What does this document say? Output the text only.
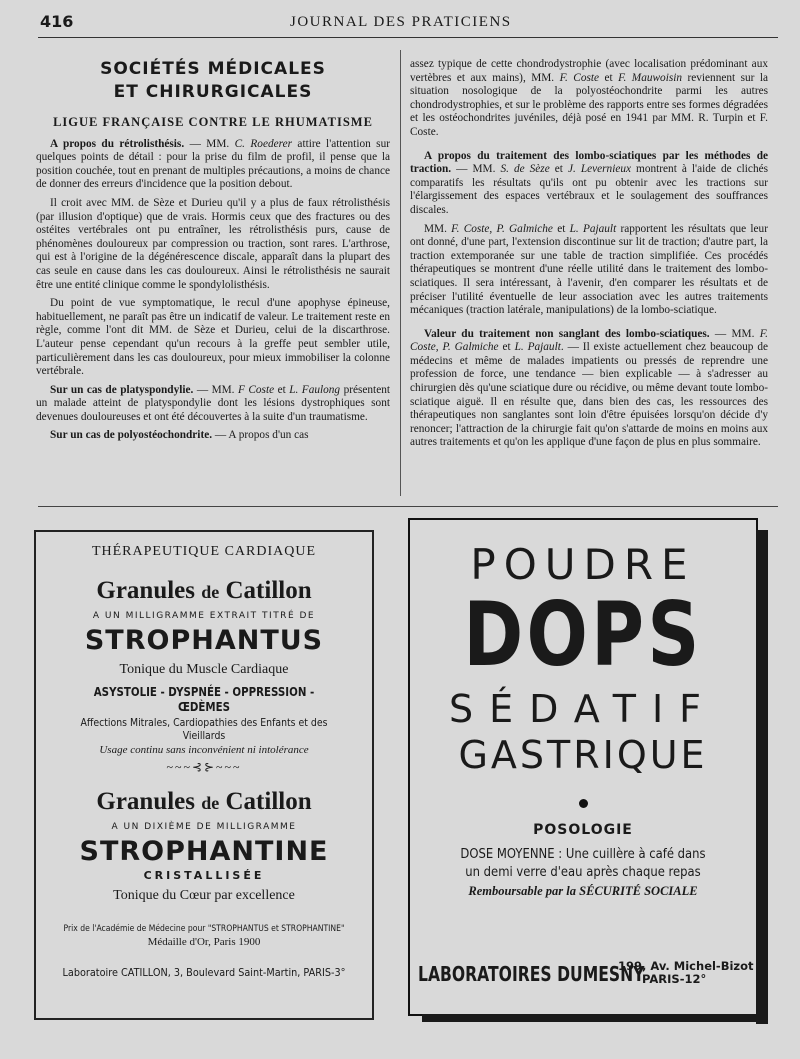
416	JOURNAL DES PRATICIENS
SOCIÉTÉS MÉDICALES
ET CHIRURGICALES
LIGUE FRANÇAISE CONTRE LE RHUMATISME

A propos du rétrolisthésis. — MM. C. Roederer attire l'attention sur quelques points de détail : pour la prise du film de profil, il pense que la position couchée, tout en prenant de multiples précautions, a moins de chance de donner des erreurs d'incidence que la position debout.

Il croit avec MM. de Sèze et Durieu qu'il y a plus de faux rétrolisthésis (par illusion d'optique) que de vrais. Hormis ceux que des fractures ou des ostéites vertébrales ont pu entraîner, les rétrolisthésis purs, cause de phénomènes douloureux par compression ou traction, sont rares. L'arthrose, qui est à l'origine de la dégénérescence discale, apparaît dans la plupart des cas seule en cause dans les cas douloureux. Ainsi le rétrolisthésis ne saurait être une entité clinique comme le spondylolisthésis.

Du point de vue symptomatique, le recul d'une apophyse épineuse, habituellement, ne paraît pas être un indicatif de valeur. Le traitement reste en règle, comme l'ont dit MM. de Sèze et Durieu, celui de la discarthrose. L'auteur pense cependant qu'un recours à la greffe peut sembler utile, particulièrement dans les cas douloureux, pour mieux immobiliser la colonne vertébrale.

Sur un cas de platyspondylie. — MM. F Coste et L. Faulong présentent un malade atteint de platyspondylie dont les lésions dystrophiques sont devenues douloureuses et ont été découvertes à la suite d'un traumatisme.

Sur un cas de polyostéochondrite. — A propos d'un cas

assez typique de cette chondrodystrophie (avec localisation prédominant aux vertèbres et aux mains), MM. F. Coste et F. Mauwoisin reviennent sur la situation nosologique de la polyostéochondrite parmi les autres chondrodystrophies, et sur le problème des rapports entre ses formes dégradées et les ostéochondrites juvéniles, déjà posé en 1941 par MM. R. Turpin et F. Coste.

A propos du traitement des lombo-sciatiques par les méthodes de traction. — MM. S. de Sèze et J. Levernieux montrent à l'aide de clichés comparatifs les résultats qu'ils ont pu obtenir avec les tractions sur l'élargissement des espaces vertébraux et le soulagement des souffrances discales.

MM. F. Coste, P. Galmiche et L. Pajault rapportent les résultats que leur ont donné, d'une part, l'extension discontinue sur lit de traction; d'autre part, la traction extemporanée sur une table de traction simplifiée. Ces procédés thérapeutiques se montrent d'une réelle utilité dans le traitement des lombo-sciatiques. Il sera intéressant, à l'avenir, d'en comparer les résultats et de préciser l'utilité éventuelle de leur association avec les autres traitements mécaniques (traction latérale, manipulations) de la lombo-sciatique.

Valeur du traitement non sanglant des lombo-sciatiques. — MM. F. Coste, P. Galmiche et L. Pajault. — Il existe actuellement chez beaucoup de médecins et même de malades impatients ou pressés de reprendre une profession de force, une tendance — bien explicable — à s'adresser au chirurgien dès qu'une sciatique dure ou récidive, ou même devant toute lombo-sciatique aiguë. Il en résulte que, dans bien des cas, les ressources des thérapeutiques non sanglantes sont loin d'être épuisées lorsqu'on décide d'y renoncer; l'attraction de la chirurgie fait qu'on s'attarde de moins en moins aux autres traitements et qu'on les applique d'une façon de plus en plus sommaire.

THÉRAPEUTIQUE CARDIAQUE
Granules de Catillon
A UN MILLIGRAMME EXTRAIT TITRÉ DE
STROPHANTUS
Tonique du Muscle Cardiaque
ASYSTOLIE - DYSPNÉE - OPPRESSION - ŒDÈMES
Affections Mitrales, Cardiopathies des Enfants et des Vieillards
Usage continu sans inconvénient ni intolérance
~~~⊰⊱~~~
Granules de Catillon
A UN DIXIÈME DE MILLIGRAMME
STROPHANTINE
CRISTALLISÉE
Tonique du Cœur par excellence
Prix de l'Académie de Médecine pour "STROPHANTUS et STROPHANTINE"
Médaille d'Or, Paris 1900
Laboratoire CATILLON, 3, Boulevard Saint-Martin, PARIS-3°
POUDRE
DOPS
SÉDATIF
GASTRIQUE
POSOLOGIE
DOSE MOYENNE : Une cuillère à café dans
un demi verre d'eau après chaque repas
Remboursable par la SÉCURITÉ SOCIALE
LABORATOIRES DUMESNY
199, Av. Michel-Bizot
PARIS-12°
